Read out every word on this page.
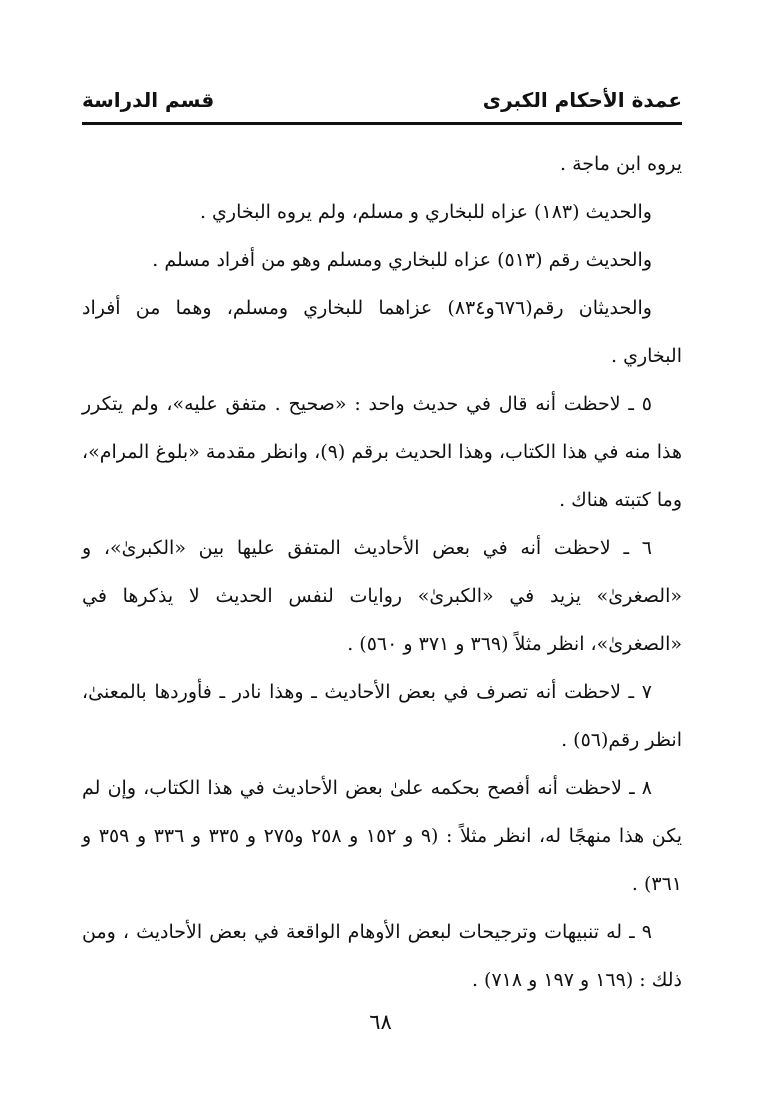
عمدة الأحكام الكبرى
قسم الدراسة

يروه ابن ماجة .

والحديث (١٨٣) عزاه للبخاري و مسلم، ولم يروه البخاري .

والحديث رقم (٥١٣) عزاه للبخاري ومسلم وهو من أفراد مسلم .

والحديثان رقم(٦٧٦و٨٣٤) عزاهما للبخاري ومسلم، وهما من أفراد البخاري .

٥ ـ لاحظت أنه قال في حديث واحد : «صحيح . متفق عليه»، ولم يتكرر هذا منه في هذا الكتاب، وهذا الحديث برقم (٩)، وانظر مقدمة «بلوغ المرام»، وما كتبته هناك .

٦ ـ لاحظت أنه في بعض الأحاديث المتفق عليها بين «الكبرىٰ»، و «الصغرىٰ» يزيد في «الكبرىٰ» روايات لنفس الحديث لا يذكرها في «الصغرىٰ»، انظر مثلاً (٣٦٩ و ٣٧١ و ٥٦٠) .

٧ ـ لاحظت أنه تصرف في بعض الأحاديث ـ وهذا نادر ـ فأوردها بالمعنىٰ، انظر رقم(٥٦) .

٨ ـ لاحظت أنه أفصح بحكمه علىٰ بعض الأحاديث في هذا الكتاب، وإن لم يكن هذا منهجًا له، انظر مثلاً : (٩ و ١٥٢ و ٢٥٨ و٢٧٥ و ٣٣٥ و ٣٣٦ و ٣٥٩ و ٣٦١) .

٩ ـ له تنبيهات وترجيحات لبعض الأوهام الواقعة في بعض الأحاديث ، ومن ذلك : (١٦٩ و ١٩٧ و ٧١٨) .

٦٨
